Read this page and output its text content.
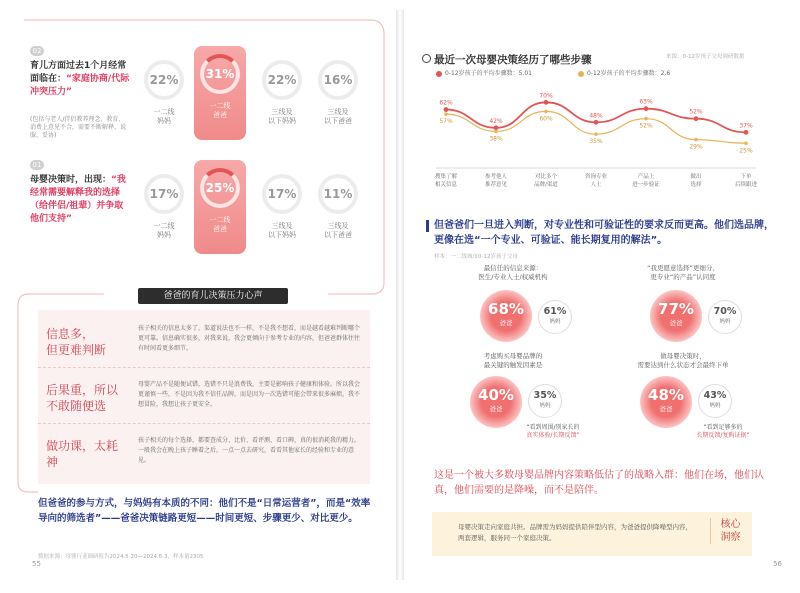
02
育儿方面过去1个月经常面临在：“家庭协商/代际冲突压力”
(包括与老人/伴侣教养理念、教育、消费上意见不合，需要不断解释、说服、妥协)
22%
一二线
妈妈
31%
一二线
爸爸
22%
三线及
以下妈妈
16%
三线及
以下爸爸
01
母婴决策时，出现：“我经常需要解释我的选择（给伴侣/祖辈）并争取他们支持”
17%
一二线
妈妈
25%
一二线
爸爸
17%
三线及
以下妈妈
11%
三线及
以下爸爸
爸爸的育儿决策压力心声
信息多，
但更难判断
孩子相关的信息太多了，渠道说法也不一样，不是我不想看，而是越看越难判断哪个更可靠。信息确实很多，对我来说，我会更倾向于参考专业的内容，但爸爸群体往往有时间看更多细节。
后果重，所以
不敢随便选
母婴产品不是随便试错，选错不只是浪费钱，主要是影响孩子健康和体验。所以我会更谨慎一些，不是因为我不信任品牌，而是因为一次选错可能会带来很多麻烦，我不想冒险，我想让孩子更安全。
做功课，太耗神
孩子相关的每个选择，都要查成分、比价、看评测、看口碑，真的很消耗我的精力。一般我会在晚上孩子睡着之后，一点一点去研究，看看其他家长的经验和专业的意见。
但爸爸的参与方式，与妈妈有本质的不同：他们不是“日常运营者”，而是“效率导向的筛选者”——爸爸决策链路更短——时间更短、步骤更少、对比更少。
数据来源：母婴行业调研报告2024.5.20—2024.6.3，样本量2305
55
最近一次母婴决策经历了哪些步骤	来源：0-12岁孩子父母调研数据
0-12岁孩子的平均步骤数：5.01	0-12岁孩子的平均步骤数：2.6
62%
42%
70%
48%
63%
52%
37%
57%
38%
60%
35%
52%
29%
25%
搜集了解
相关信息
参考他人
推荐意见
对比多个
品牌/渠道
咨询专业
人士
产品上
进一步验证
做出
选择
下单
后续跟进
但爸爸们一旦进入判断，对专业性和可验证性的要求反而更高。他们选品牌，更像在选“一个专业、可验证、能长期复用的解法”。
样本：一二线城市0-12岁孩子父母
最信任的信息来源：
医生/专业人士/权威机构
68%
爸爸
61%
妈妈
“我更愿意选择”更细分、
更专业“的产品”认同度
77%
爸爸
70%
妈妈
考虑购买母婴品牌的
最关键的触发因素是
40%
爸爸
35%
妈妈
“看到周围/别家长的
真实体验/长期反馈”
做母婴决策时，
需要达到什么状态才会最终下单
48%
爸爸
43%
妈妈
“看到足够多的
长期反馈/复购证据”
这是一个被大多数母婴品牌内容策略低估了的战略入群：他们在场，他们认真，他们需要的是降噪，而不是陪伴。
母婴决策走向家庭共担。品牌需为妈妈提供陪伴型内容，为爸爸提供降噪型内容，两套逻辑，服务同一个家庭决策。
核心
洞察
56
